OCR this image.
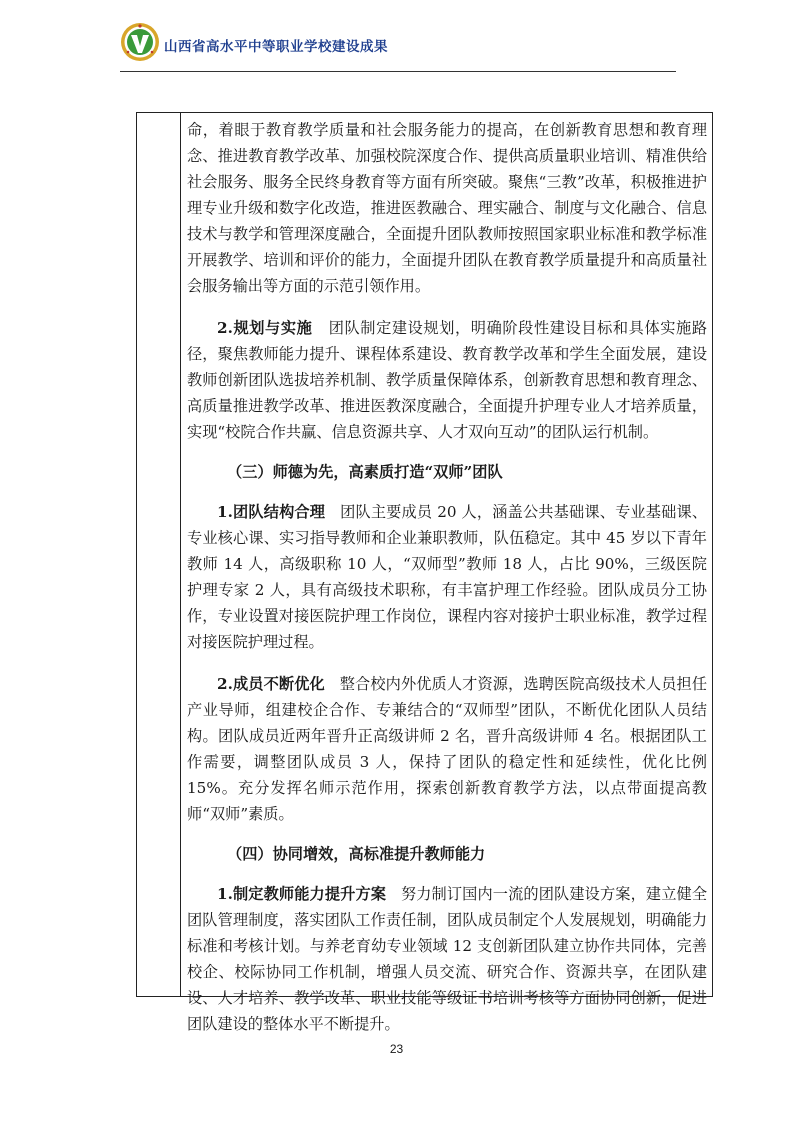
山西省高水平中等职业学校建设成果

命，着眼于教育教学质量和社会服务能力的提高，在创新教育思想和教育理念、推进教育教学改革、加强校院深度合作、提供高质量职业培训、精准供给社会服务、服务全民终身教育等方面有所突破。聚焦“三教”改革，积极推进护理专业升级和数字化改造，推进医教融合、理实融合、制度与文化融合、信息技术与教学和管理深度融合，全面提升团队教师按照国家职业标准和教学标准开展教学、培训和评价的能力，全面提升团队在教育教学质量提升和高质量社会服务输出等方面的示范引领作用。

2.规划与实施 团队制定建设规划，明确阶段性建设目标和具体实施路径，聚焦教师能力提升、课程体系建设、教育教学改革和学生全面发展，建设教师创新团队选拔培养机制、教学质量保障体系，创新教育思想和教育理念、高质量推进教学改革、推进医教深度融合，全面提升护理专业人才培养质量，实现“校院合作共赢、信息资源共享、人才双向互动”的团队运行机制。

（三）师德为先，高素质打造“双师”团队

1.团队结构合理 团队主要成员 20 人，涵盖公共基础课、专业基础课、专业核心课、实习指导教师和企业兼职教师，队伍稳定。其中 45 岁以下青年教师 14 人，高级职称 10 人，“双师型”教师 18 人，占比 90%，三级医院护理专家 2 人，具有高级技术职称，有丰富护理工作经验。团队成员分工协作，专业设置对接医院护理工作岗位，课程内容对接护士职业标准，教学过程对接医院护理过程。

2.成员不断优化 整合校内外优质人才资源，选聘医院高级技术人员担任产业导师，组建校企合作、专兼结合的“双师型”团队，不断优化团队人员结构。团队成员近两年晋升正高级讲师 2 名，晋升高级讲师 4 名。根据团队工作需要，调整团队成员 3 人，保持了团队的稳定性和延续性，优化比例 15%。充分发挥名师示范作用，探索创新教育教学方法，以点带面提高教师“双师”素质。

（四）协同增效，高标准提升教师能力

1.制定教师能力提升方案 努力制订国内一流的团队建设方案，建立健全团队管理制度，落实团队工作责任制，团队成员制定个人发展规划，明确能力标准和考核计划。与养老育幼专业领域 12 支创新团队建立协作共同体，完善校企、校际协同工作机制，增强人员交流、研究合作、资源共享，在团队建设、人才培养、教学改革、职业技能等级证书培训考核等方面协同创新，促进团队建设的整体水平不断提升。

23
